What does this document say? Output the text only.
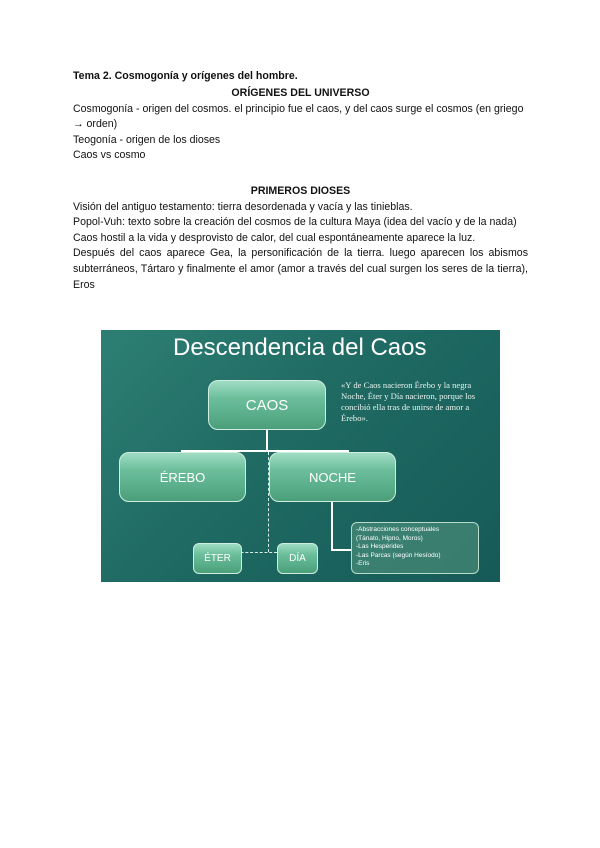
Tema 2. Cosmogonía y orígenes del hombre.
ORÍGENES DEL UNIVERSO

Cosmogonía - origen del cosmos. el principio fue el caos, y del caos surge el cosmos (en griego → orden)

Teogonía - origen de los dioses

Caos vs cosmo

PRIMEROS DIOSES

Visión del antiguo testamento: tierra desordenada y vacía y las tinieblas.

Popol-Vuh: texto sobre la creación del cosmos de la cultura Maya (idea del vacío y de la nada)

Caos hostil a la vida y desprovisto de calor, del cual espontáneamente aparece la luz.

Después del caos aparece Gea, la personificación de la tierra. luego aparecen los abismos subterráneos, Tártaro y finalmente el amor (amor a través del cual surgen los seres de la tierra), Eros

Descendencia del Caos
CAOS
ÉREBO	NOCHE
ÉTER	DÍA
«Y de Caos nacieron Érebo y la negra Noche, Éter y Día nacieron, porque los concibió ella tras de unirse de amor a Érebo».
-Abstracciones conceptuales
(Tánato, Hipno, Moros)
-Las Hespérides
-Las Parcas (según Hesíodo)
-Eris
